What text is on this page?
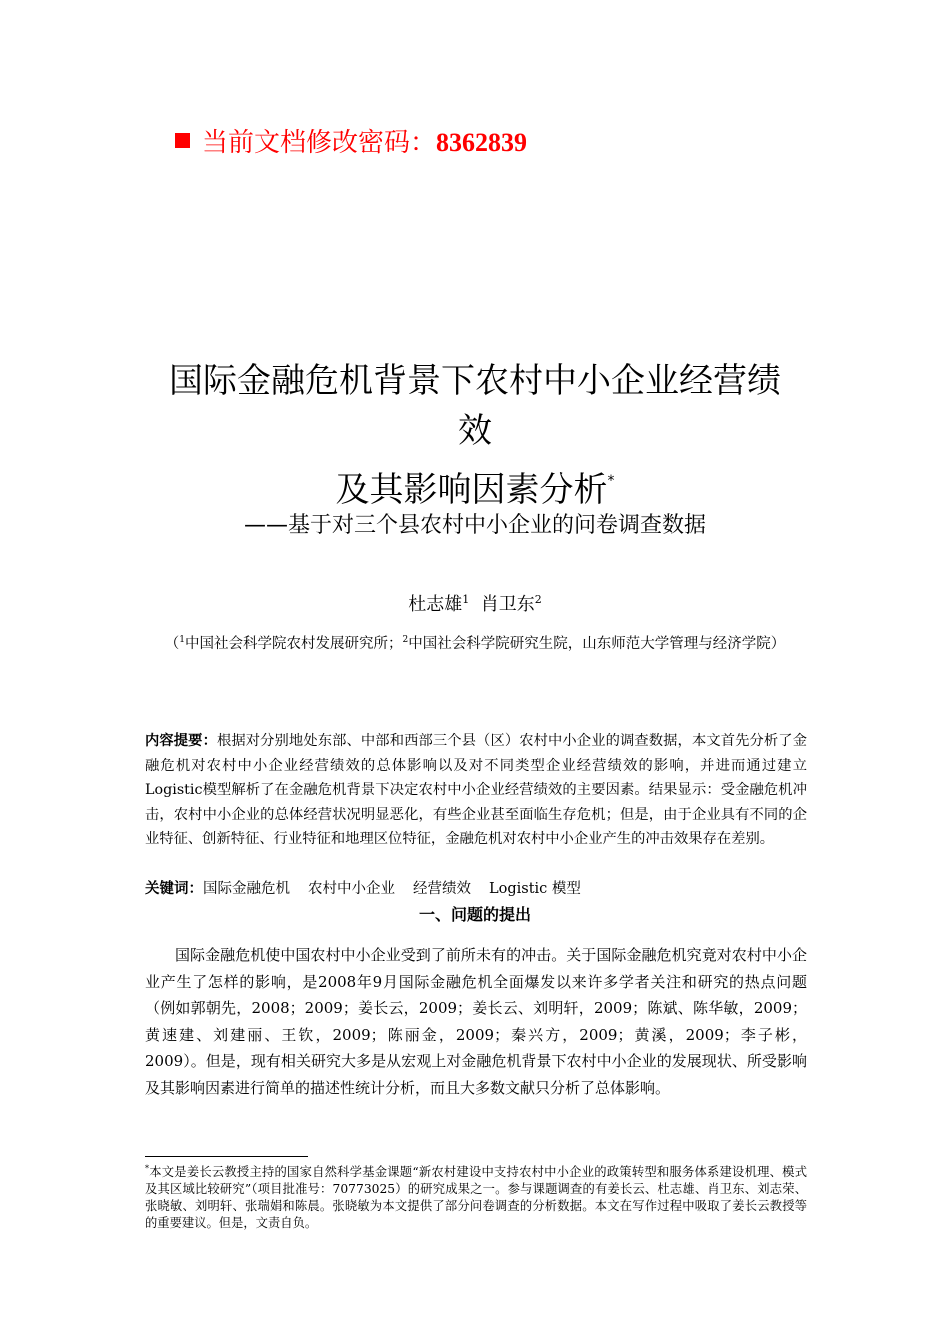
当前文档修改密码：8362839
国际金融危机背景下农村中小企业经营绩
效
及其影响因素分析*
——基于对三个县农村中小企业的问卷调查数据
杜志雄$^1$ 肖卫东$^2$
（$^1$中国社会科学院农村发展研究所；$^2$中国社会科学院研究生院，山东师范大学管理与经济学院）
内容提要：根据对分别地处东部、中部和西部三个县（区）农村中小企业的调查数据，本文首先分析了金融危机对农村中小企业经营绩效的总体影响以及对不同类型企业经营绩效的影响，并进而通过建立Logistic模型解析了在金融危机背景下决定农村中小企业经营绩效的主要因素。结果显示：受金融危机冲击，农村中小企业的总体经营状况明显恶化，有些企业甚至面临生存危机；但是，由于企业具有不同的企业特征、创新特征、行业特征和地理区位特征，金融危机对农村中小企业产生的冲击效果存在差别。
关键词：国际金融危机 农村中小企业 经营绩效 Logistic 模型
一、问题的提出
国际金融危机使中国农村中小企业受到了前所未有的冲击。关于国际金融危机究竟对农村中小企业产生了怎样的影响，是2008年9月国际金融危机全面爆发以来许多学者关注和研究的热点问题（例如郭朝先，2008；2009；姜长云，2009；姜长云、刘明轩，2009；陈斌、陈华敏，2009；黄速建、刘建丽、王钦，2009；陈丽金，2009；秦兴方，2009；黄溪，2009；李子彬，2009）。但是，现有相关研究大多是从宏观上对金融危机背景下农村中小企业的发展现状、所受影响及其影响因素进行简单的描述性统计分析，而且大多数文献只分析了总体影响。
*本文是姜长云教授主持的国家自然科学基金课题“新农村建设中支持农村中小企业的政策转型和服务体系建设机理、模式及其区域比较研究”（项目批准号：70773025）的研究成果之一。参与课题调查的有姜长云、杜志雄、肖卫东、刘志荣、张晓敏、刘明轩、张瑞娟和陈晨。张晓敏为本文提供了部分问卷调查的分析数据。本文在写作过程中吸取了姜长云教授等的重要建议。但是，文责自负。
